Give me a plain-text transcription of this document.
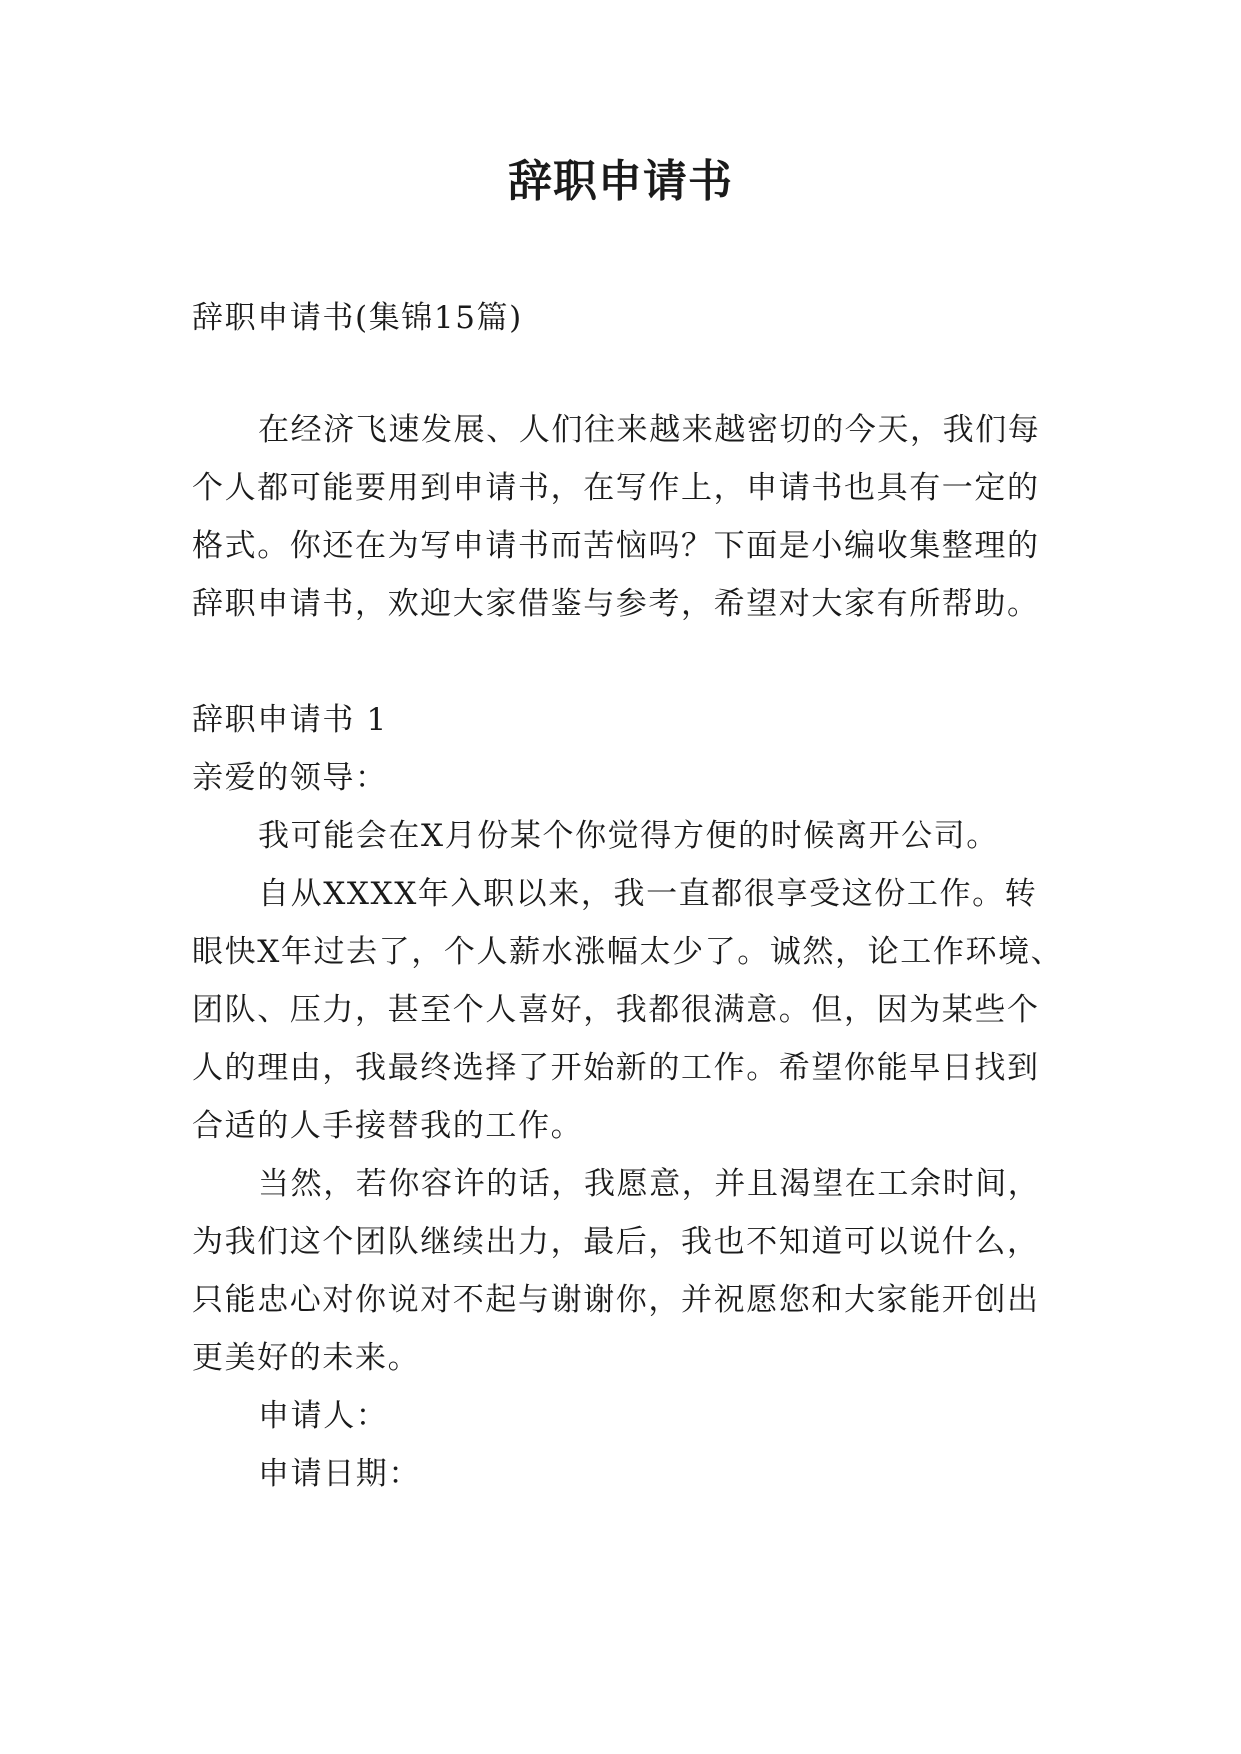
辞职申请书
辞职申请书(集锦15篇)
在经济飞速发展、人们往来越来越密切的今天，我们每
个人都可能要用到申请书，在写作上，申请书也具有一定的
格式。你还在为写申请书而苦恼吗？下面是小编收集整理的
辞职申请书，欢迎大家借鉴与参考，希望对大家有所帮助。
辞职申请书 1
亲爱的领导：
我可能会在X月份某个你觉得方便的时候离开公司。
自从XXXX年入职以来，我一直都很享受这份工作。转
眼快X年过去了，个人薪水涨幅太少了。诚然，论工作环境、
团队、压力，甚至个人喜好，我都很满意。但，因为某些个
人的理由，我最终选择了开始新的工作。希望你能早日找到
合适的人手接替我的工作。
当然，若你容许的话，我愿意，并且渴望在工余时间，
为我们这个团队继续出力，最后，我也不知道可以说什么，
只能忠心对你说对不起与谢谢你，并祝愿您和大家能开创出
更美好的未来。
申请人：
申请日期：
